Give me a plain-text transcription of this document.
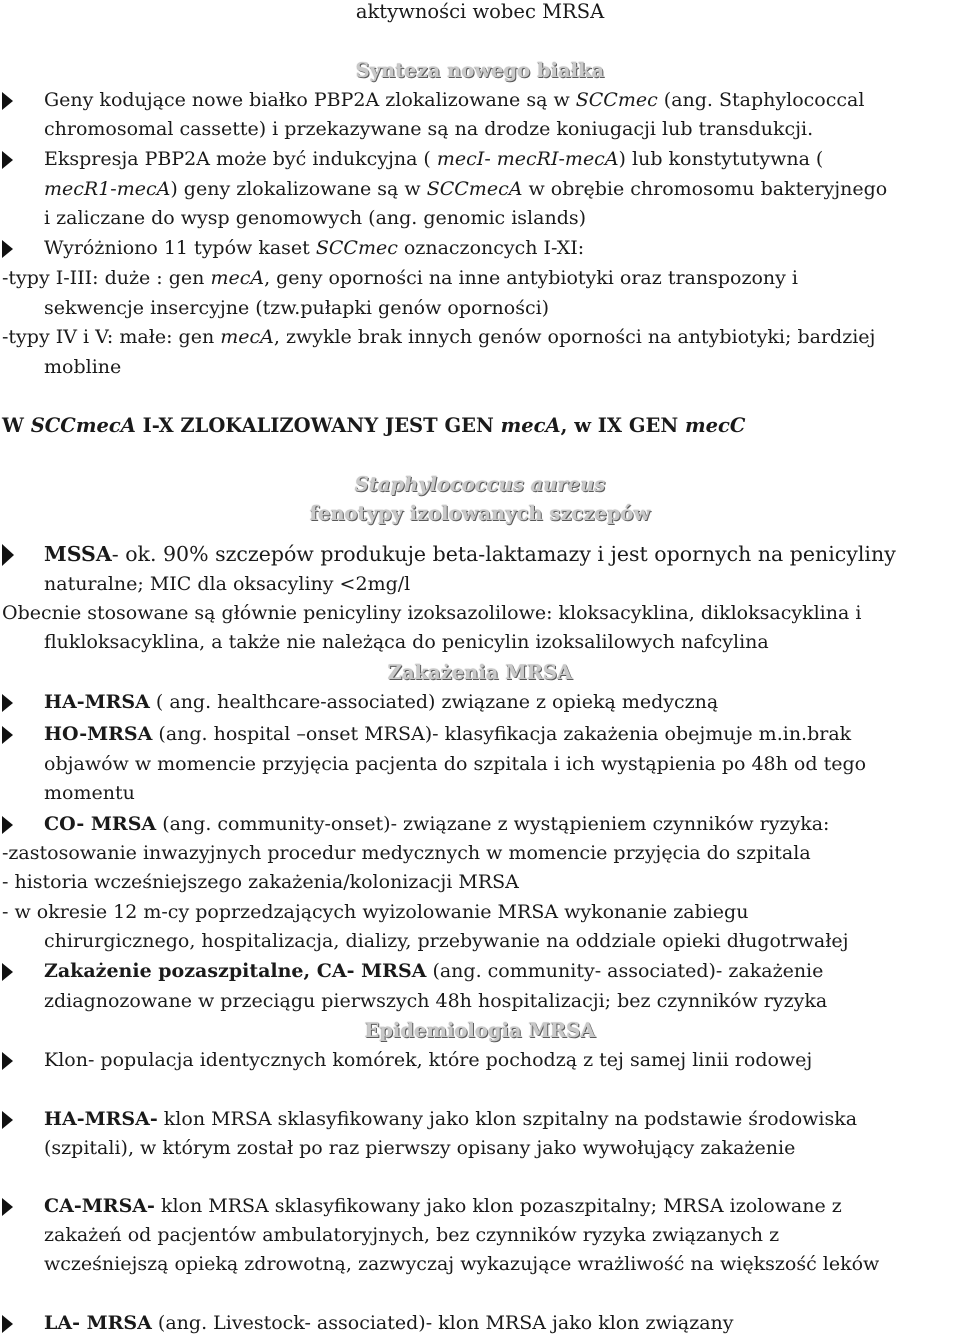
aktywności wobec MRSA
Synteza nowego białka
Geny kodujące nowe białko PBP2A zlokalizowane są w SCCmec (ang. Staphylococcal
chromosomal cassette) i przekazywane są na drodze koniugacji lub transdukcji.
Ekspresja PBP2A może być indukcyjna ( mecI- mecRI-mecA) lub konstytutywna (
mecR1-mecA) geny zlokalizowane są w SCCmecA w obrębie chromosomu bakteryjnego
i zaliczane do wysp genomowych (ang. genomic islands)
Wyróżniono 11 typów kaset SCCmec oznaczoncych I-XI:
-typy I-III: duże : gen mecA, geny oporności na inne antybiotyki oraz transpozony i
sekwencje insercyjne (tzw.pułapki genów oporności)
-typy IV i V: małe: gen mecA, zwykle brak innych genów oporności na antybiotyki; bardziej
mobline
W SCCmecA I-X ZLOKALIZOWANY JEST GEN mecA, w IX GEN mecC
Staphylococcus aureus
fenotypy izolowanych szczepów
MSSA- ok. 90% szczepów produkuje beta-laktamazy i jest opornych na penicyliny
naturalne; MIC dla oksacyliny <2mg/l
Obecnie stosowane są głównie penicyliny izoksazolilowe: kloksacyklina, dikloksacyklina i
flukloksacyklina, a także nie należąca do penicylin izoksalilowych nafcylina
Zakażenia MRSA
HA-MRSA ( ang. healthcare-associated) związane z opieką medyczną
HO-MRSA (ang. hospital –onset MRSA)- klasyfikacja zakażenia obejmuje m.in.brak
objawów w momencie przyjęcia pacjenta do szpitala i ich wystąpienia po 48h od tego
momentu
CO- MRSA (ang. community-onset)- związane z wystąpieniem czynników ryzyka:
-zastosowanie inwazyjnych procedur medycznych w momencie przyjęcia do szpitala
- historia wcześniejszego zakażenia/kolonizacji MRSA
- w okresie 12 m-cy poprzedzających wyizolowanie MRSA wykonanie zabiegu
chirurgicznego, hospitalizacja, dializy, przebywanie na oddziale opieki długotrwałej
Zakażenie pozaszpitalne, CA- MRSA (ang. community- associated)- zakażenie
zdiagnozowane w przeciągu pierwszych 48h hospitalizacji; bez czynników ryzyka
Epidemiologia MRSA
Klon- populacja identycznych komórek, które pochodzą z tej samej linii rodowej
HA-MRSA- klon MRSA sklasyfikowany jako klon szpitalny na podstawie środowiska
(szpitali), w którym został po raz pierwszy opisany jako wywołujący zakażenie
CA-MRSA- klon MRSA sklasyfikowany jako klon pozaszpitalny; MRSA izolowane z
zakażeń od pacjentów ambulatoryjnych, bez czynników ryzyka związanych z
wcześniejszą opieką zdrowotną, zazwyczaj wykazujące wrażliwość na większość leków
LA- MRSA (ang. Livestock- associated)- klon MRSA jako klon związany
